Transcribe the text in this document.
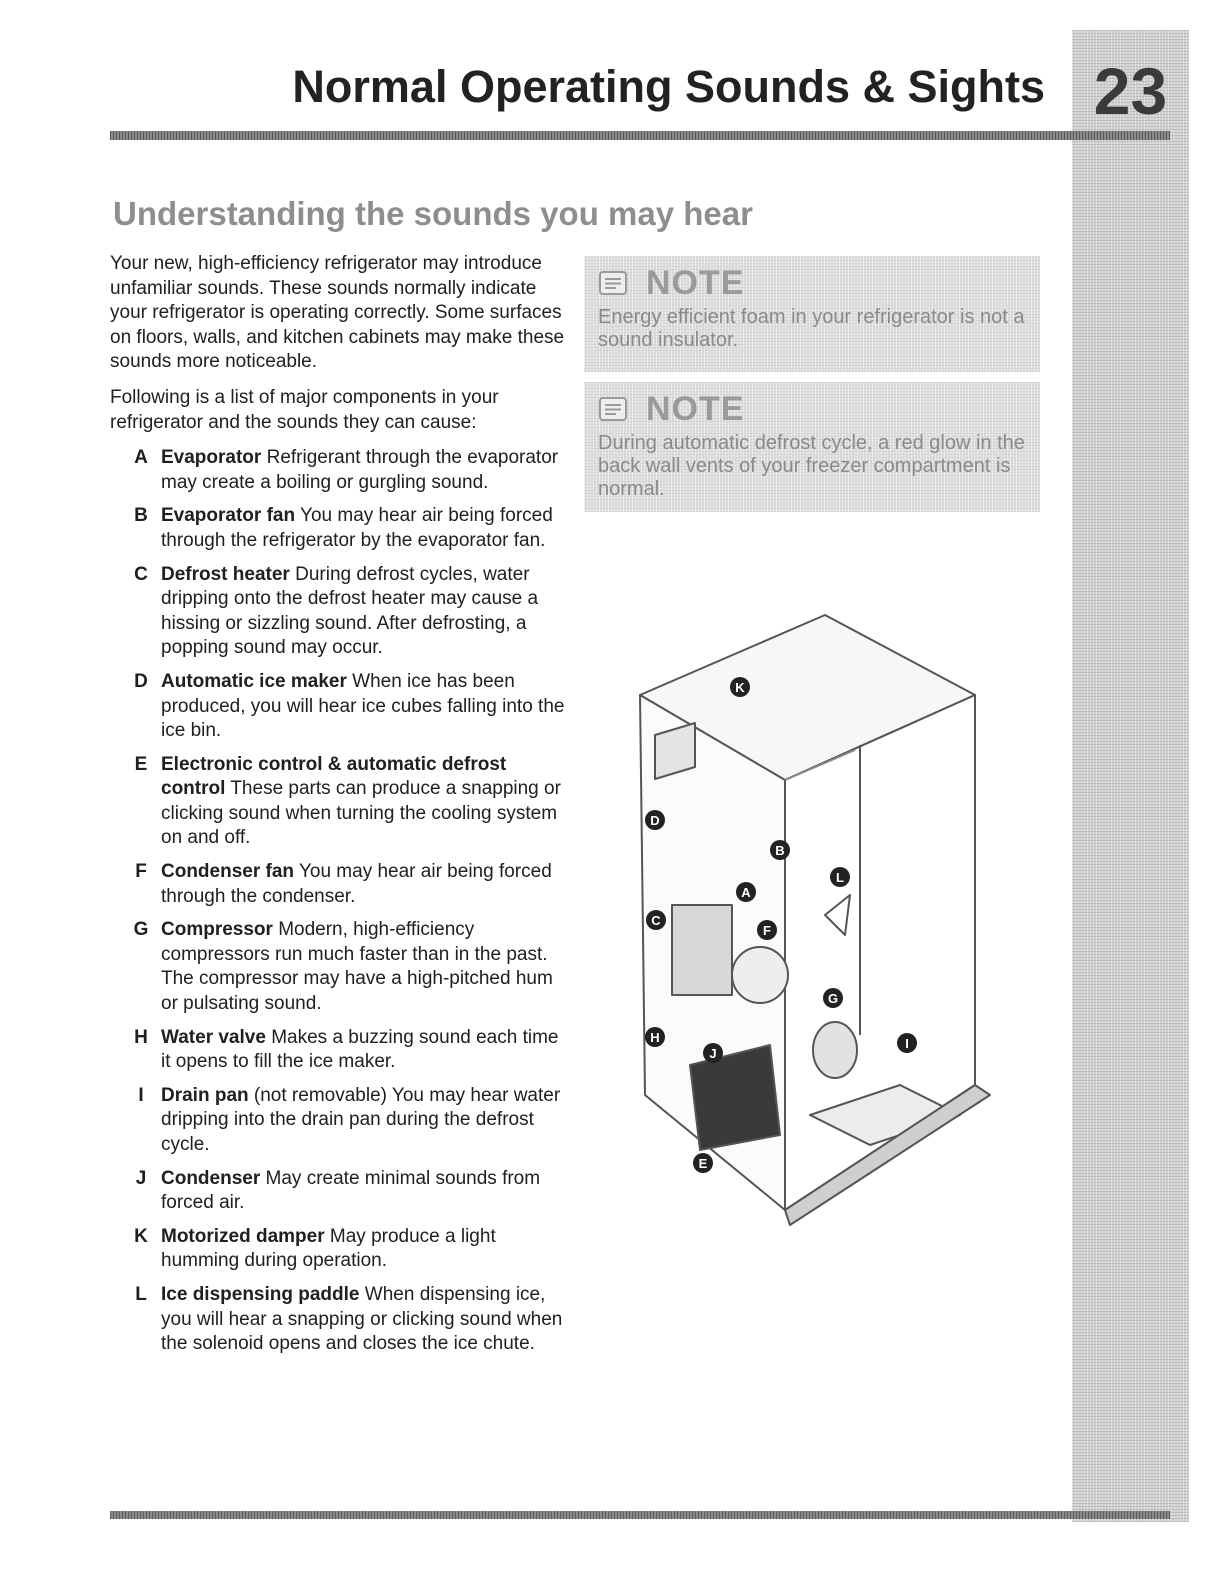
23
Normal Operating Sounds & Sights
Understanding the sounds you may hear

Your new, high-efficiency refrigerator may introduce unfamiliar sounds. These sounds normally indicate your refrigerator is operating correctly. Some surfaces on floors, walls, and kitchen cabinets may make these sounds more noticeable.

Following is a list of major components in your refrigerator and the sounds they can cause:

A Evaporator Refrigerant through the evaporator may create a boiling or gurgling sound.
B Evaporator fan You may hear air being forced through the refrigerator by the evaporator fan.
C Defrost heater During defrost cycles, water dripping onto the defrost heater may cause a hissing or sizzling sound. After defrosting, a popping sound may occur.
D Automatic ice maker When ice has been produced, you will hear ice cubes falling into the ice bin.
E Electronic control & automatic defrost control These parts can produce a snapping or clicking sound when turning the cooling system on and off.
F Condenser fan You may hear air being forced through the condenser.
G Compressor Modern, high-efficiency compressors run much faster than in the past. The compressor may have a high-pitched hum or pulsating sound.
H Water valve Makes a buzzing sound each time it opens to fill the ice maker.
I Drain pan (not removable) You may hear water dripping into the drain pan during the defrost cycle.
J Condenser May create minimal sounds from forced air.
K Motorized damper May produce a light humming during operation.
L Ice dispensing paddle When dispensing ice, you will hear a snapping or clicking sound when the solenoid opens and closes the ice chute.
NOTE
Energy efficient foam in your refrigerator is not a sound insulator.
NOTE
During automatic defrost cycle, a red glow in the back wall vents of your freezer compartment is normal.
K
D
B
A
C
F
L
G
H
J
I
E
